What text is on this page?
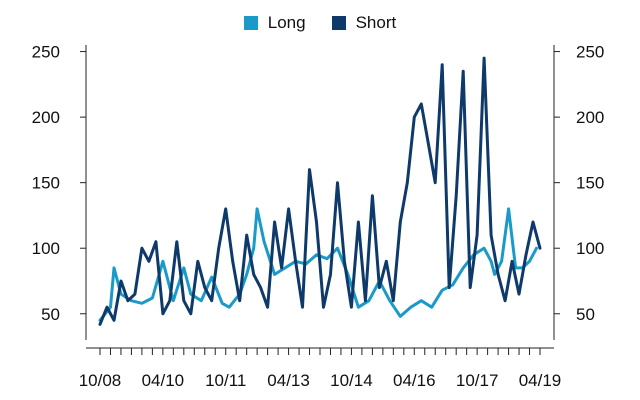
Long	Short
50	50
100	100
150	150
200	200
250	250
10/08 04/10 10/11 04/13 10/14 04/16 10/17 04/19
